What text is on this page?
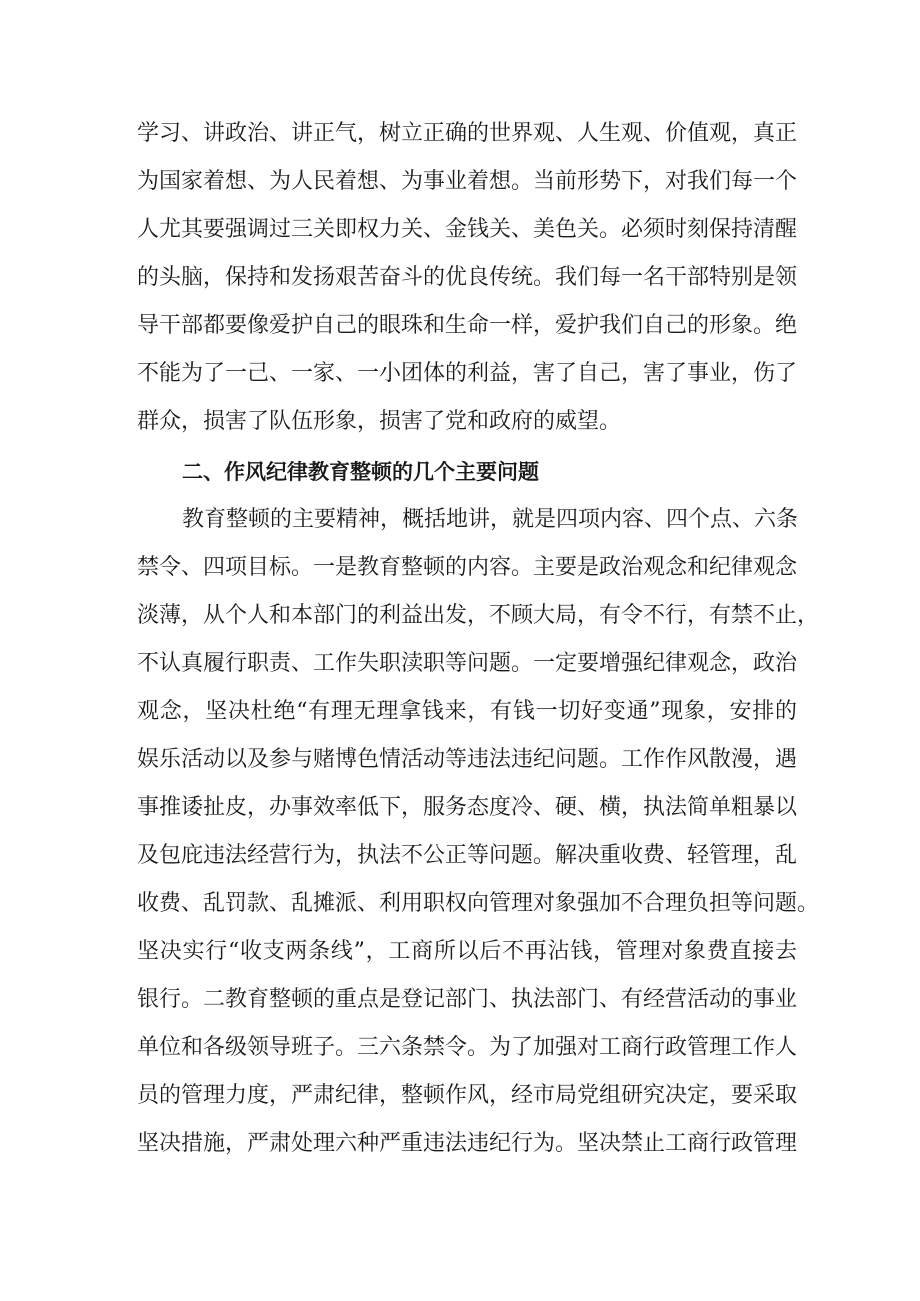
学习、讲政治、讲正气，树立正确的世界观、人生观、价值观，真正
为国家着想、为人民着想、为事业着想。当前形势下，对我们每一个
人尤其要强调过三关即权力关、金钱关、美色关。必须时刻保持清醒
的头脑，保持和发扬艰苦奋斗的优良传统。我们每一名干部特别是领
导干部都要像爱护自己的眼珠和生命一样，爱护我们自己的形象。绝
不能为了一己、一家、一小团体的利益，害了自己，害了事业，伤了
群众，损害了队伍形象，损害了党和政府的威望。
二、作风纪律教育整顿的几个主要问题
教育整顿的主要精神，概括地讲，就是四项内容、四个点、六条
禁令、四项目标。一是教育整顿的内容。主要是政治观念和纪律观念
淡薄，从个人和本部门的利益出发，不顾大局，有令不行，有禁不止，
不认真履行职责、工作失职渎职等问题。一定要增强纪律观念，政治
观念，坚决杜绝“有理无理拿钱来，有钱一切好变通”现象，安排的
娱乐活动以及参与赌博色情活动等违法违纪问题。工作作风散漫，遇
事推诿扯皮，办事效率低下，服务态度冷、硬、横，执法简单粗暴以
及包庇违法经营行为，执法不公正等问题。解决重收费、轻管理，乱
收费、乱罚款、乱摊派、利用职权向管理对象强加不合理负担等问题。
坚决实行“收支两条线”，工商所以后不再沾钱，管理对象费直接去
银行。二教育整顿的重点是登记部门、执法部门、有经营活动的事业
单位和各级领导班子。三六条禁令。为了加强对工商行政管理工作人
员的管理力度，严肃纪律，整顿作风，经市局党组研究决定，要采取
坚决措施，严肃处理六种严重违法违纪行为。坚决禁止工商行政管理
